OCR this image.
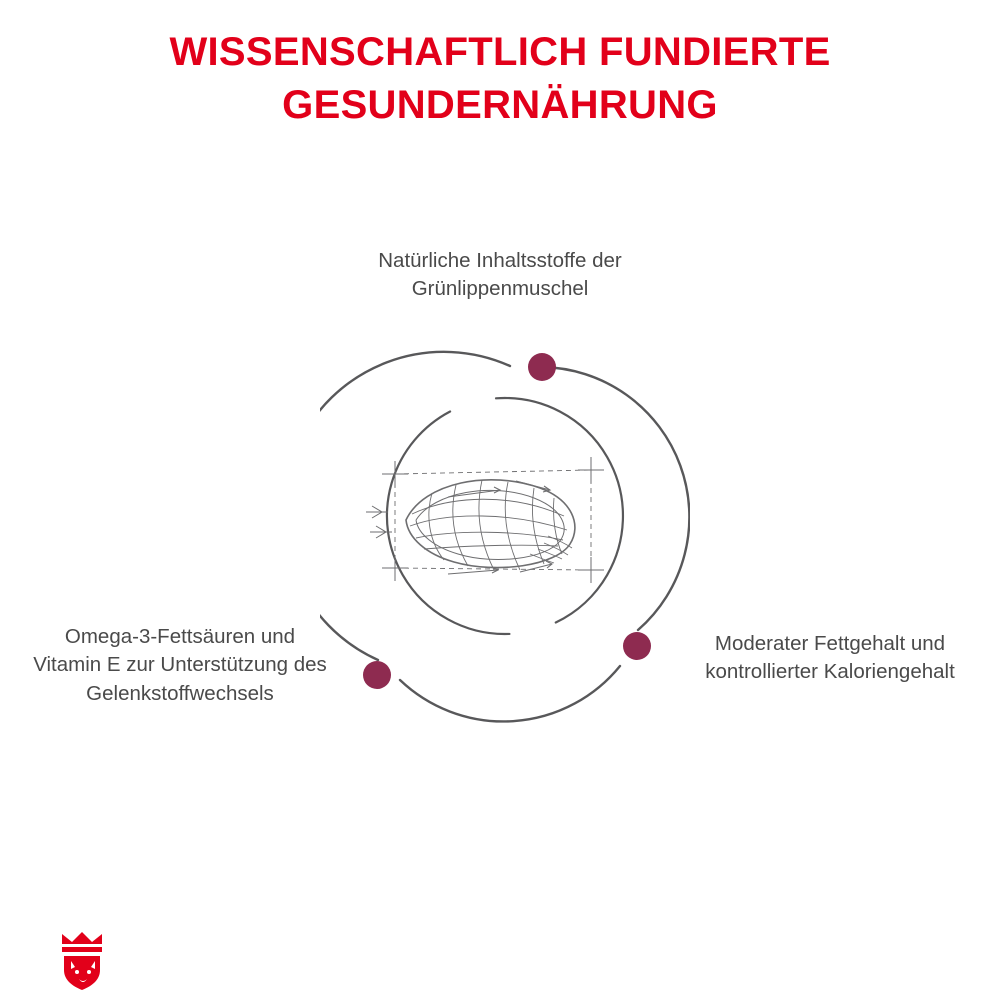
WISSENSCHAFTLICH FUNDIERTE
GESUNDERNÄHRUNG
Natürliche Inhaltsstoffe der Grünlippenmuschel
Omega-3-Fettsäuren und Vitamin E zur Unterstützung des Gelenkstoffwechsels
Moderater Fettgehalt und kontrollierter Kaloriengehalt
